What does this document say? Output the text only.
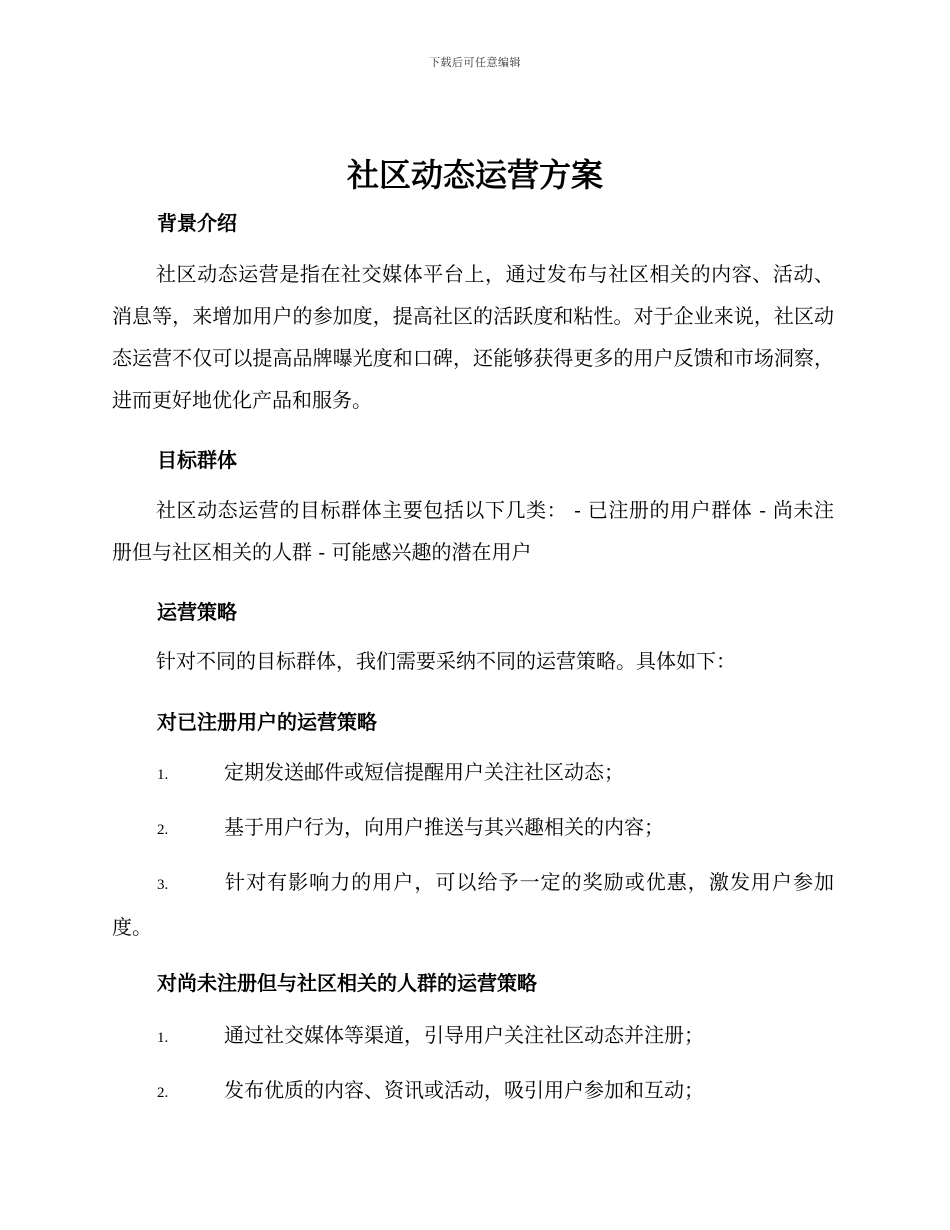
下载后可任意编辑
社区动态运营方案
背景介绍

社区动态运营是指在社交媒体平台上，通过发布与社区相关的内容、活动、消息等，来增加用户的参加度，提高社区的活跃度和粘性。对于企业来说，社区动态运营不仅可以提高品牌曝光度和口碑，还能够获得更多的用户反馈和市场洞察，进而更好地优化产品和服务。

目标群体

社区动态运营的目标群体主要包括以下几类： - 已注册的用户群体 - 尚未注册但与社区相关的人群 - 可能感兴趣的潜在用户

运营策略

针对不同的目标群体，我们需要采纳不同的运营策略。具体如下：

对已注册用户的运营策略

1.	定期发送邮件或短信提醒用户关注社区动态；

2.	基于用户行为，向用户推送与其兴趣相关的内容；

3.	针对有影响力的用户，可以给予一定的奖励或优惠，激发用户参加度。

对尚未注册但与社区相关的人群的运营策略

1.	通过社交媒体等渠道，引导用户关注社区动态并注册；

2.	发布优质的内容、资讯或活动，吸引用户参加和互动；
